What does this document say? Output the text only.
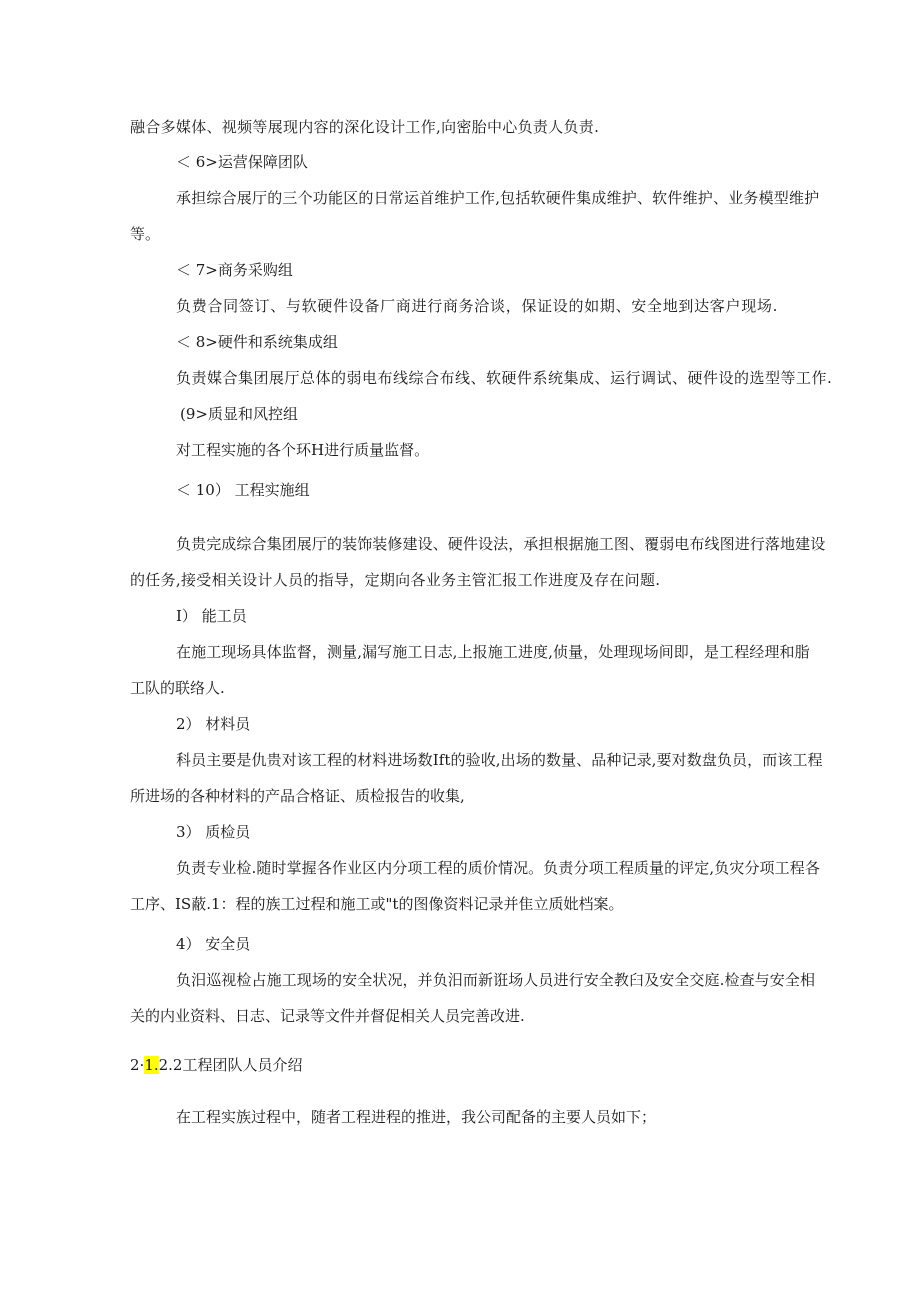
融合多媒体、视频等展现内容的深化设计工作,向密胎中心负责人负责.
＜ 6>运营保障团队
承担综合展厅的三个功能区的日常运首维护工作,包括软硬件集成维护、软件维护、业务模型维护
等。
＜ 7>商务采购组
负费合同签订、与软硬件设备厂商进行商务洽谈，保证设的如期、安全地到达客户现场.
＜ 8>硬件和系统集成组
负责媒合集团展厅总体的弱电布线综合布线、软硬件系统集成、运行调试、硬件设的选型等工作.
(9>质显和风控组
对工程实施的各个环H进行质量监督。
＜ 10） 工程实施组
负贵完成综合集团展厅的装饰装修建设、硬件设法，承担根据施工图、覆弱电布线图进行落地建设
的任务,接受相关设计人员的指导，定期向各业务主管汇报工作进度及存在问题.
I） 能工员
在施工现场具体监督，测量,漏写施工日志,上报施工进度,侦量，处理现场间即，是工程经理和脂
工队的联络人.
2） 材料员
科员主要是仇贵对该工程的材料进场数Ift的验收,出场的数量、品种记录,要对数盘负员，而该工程
所进场的各种材料的产品合格证、质检报告的收集,
3） 质检员
负责专业检.随时掌握各作业区内分项工程的质价情况。负责分项工程质量的评定,负灾分项工程各
工序、IS蔽.1：程的族工过程和施工或"t的图像资料记录并隹立质妣档案。
4） 安全员
负汨巡视检占施工现场的安全状况，并负汨而新诳场人员进行安全教臼及安全交庭.检查与安全相
关的内业资料、日志、记录等文件并督促相关人员完善改进.
2·1.2.2工程团队人员介绍
在工程实族过程中，随者工程进程的推进，我公司配备的主要人员如下；
